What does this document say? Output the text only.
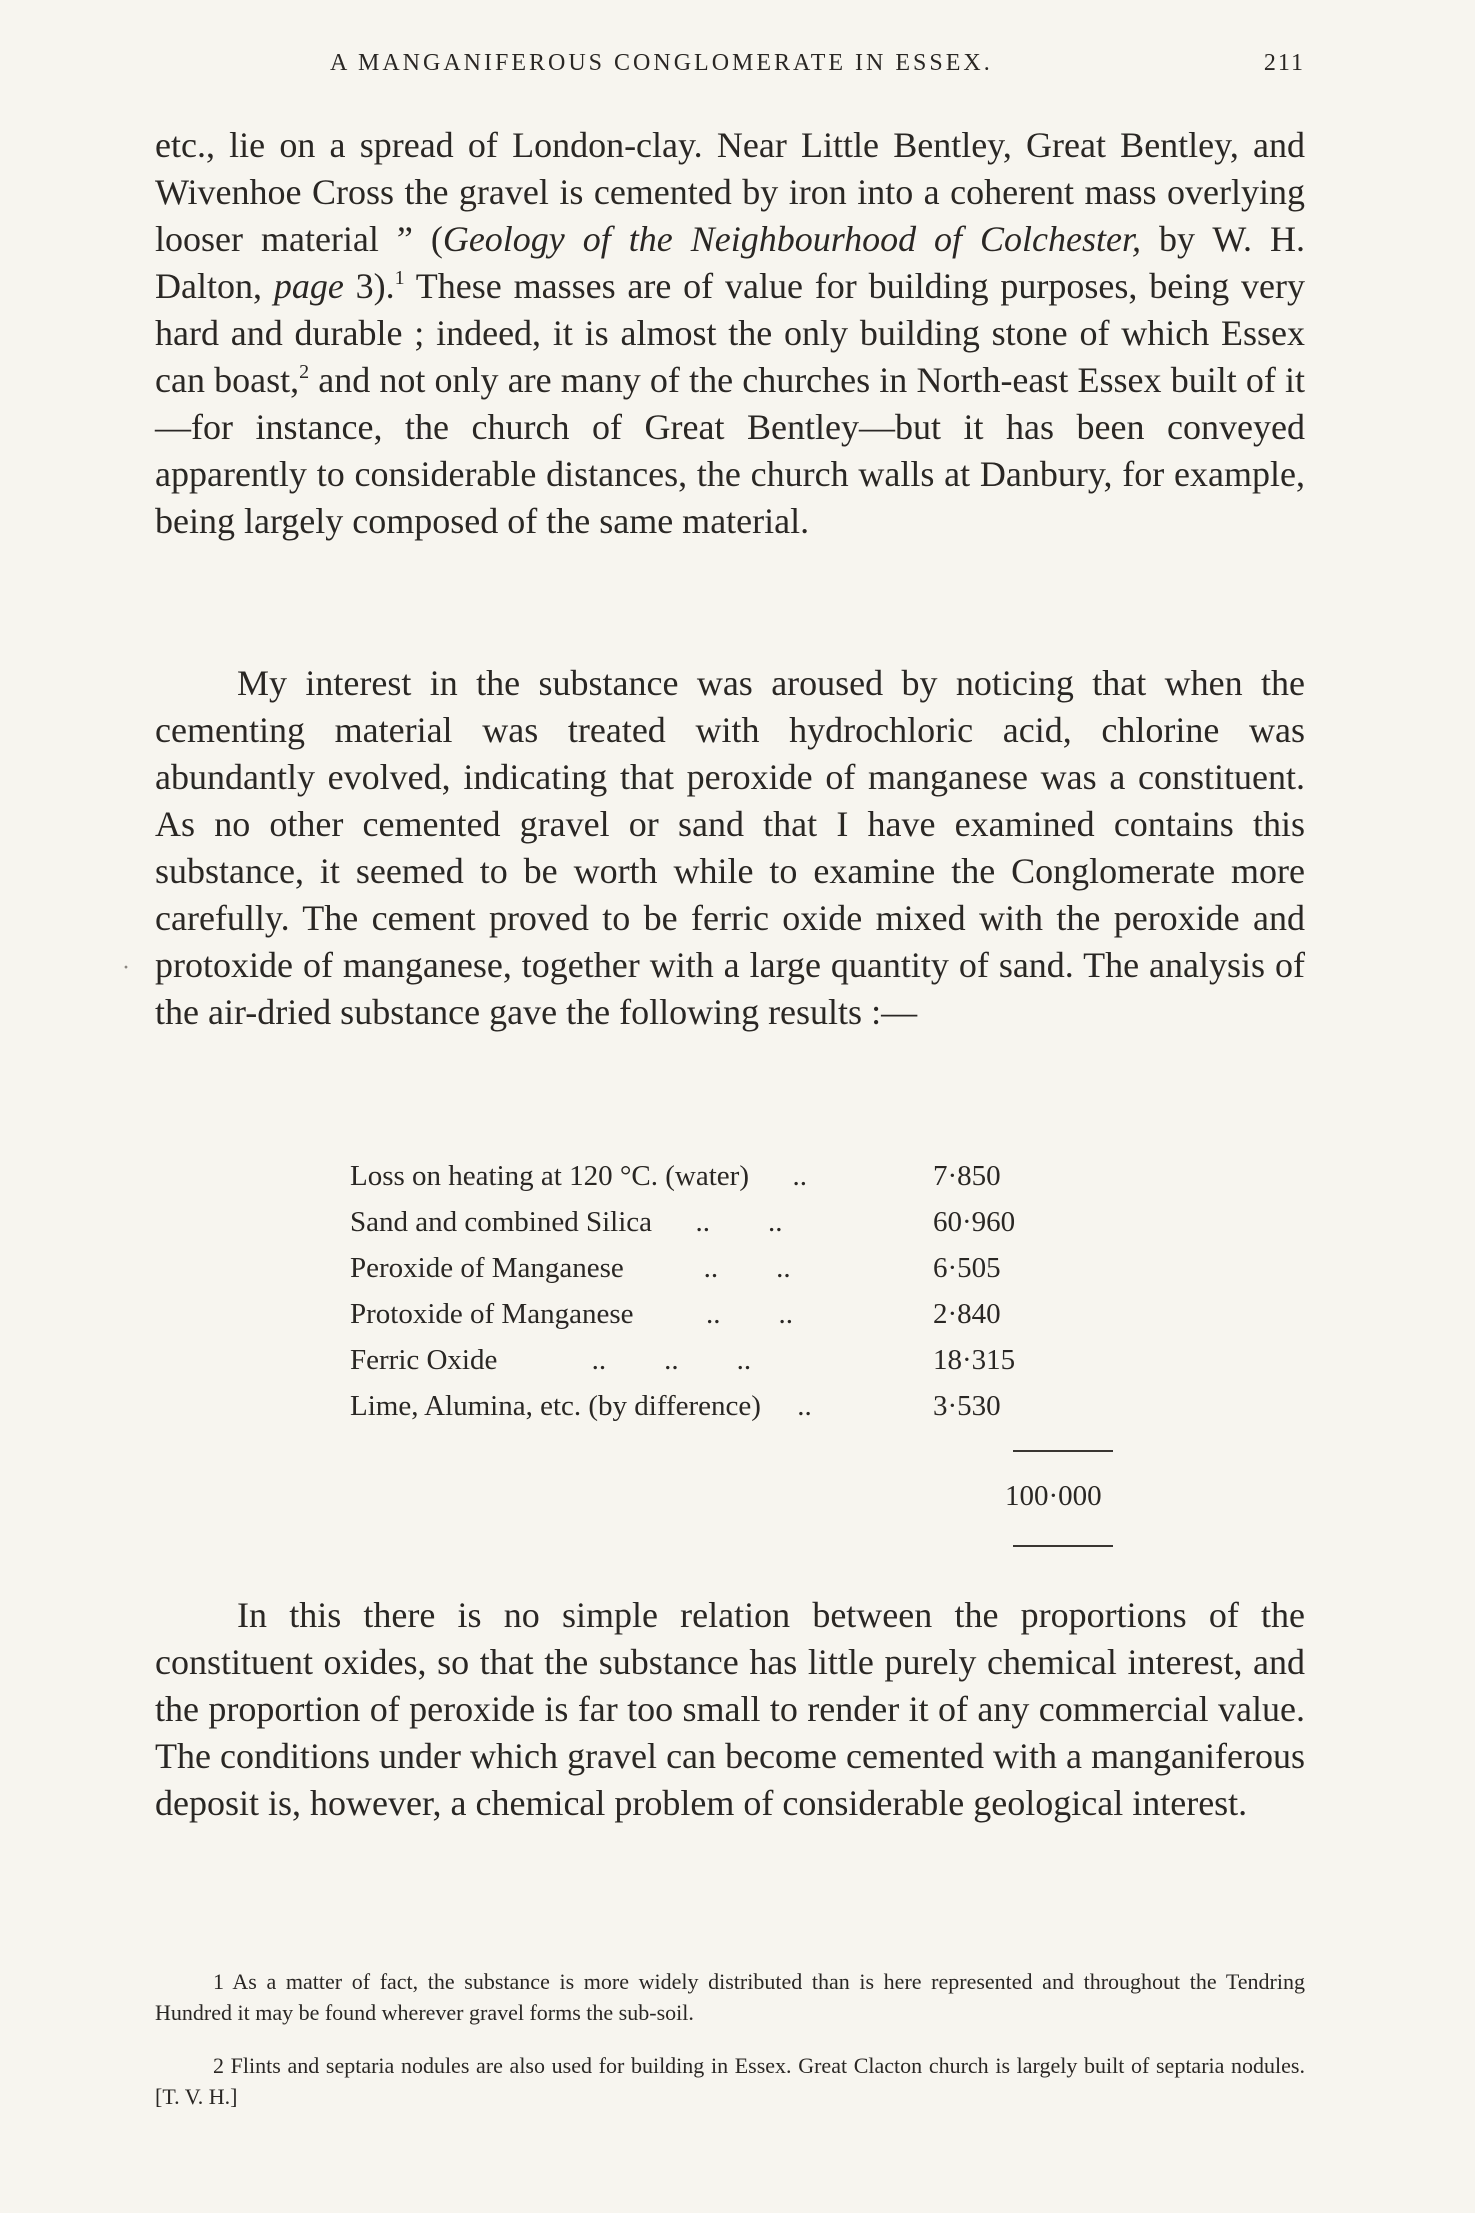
A MANGANIFEROUS CONGLOMERATE IN ESSEX.	211

etc., lie on a spread of London-clay. Near Little Bentley, Great Bentley, and Wivenhoe Cross the gravel is cemented by iron into a coherent mass overlying looser material ” (Geology of the Neighbourhood of Colchester, by W. H. Dalton, page 3).$^1$ These masses are of value for building purposes, being very hard and durable ; indeed, it is almost the only building stone of which Essex can boast,$^2$ and not only are many of the churches in North-east Essex built of it—for instance, the church of Great Bentley—but it has been conveyed apparently to considerable distances, the church walls at Danbury, for example, being largely composed of the same material.

My interest in the substance was aroused by noticing that when the cementing material was treated with hydrochloric acid, chlorine was abundantly evolved, indicating that peroxide of manganese was a constituent. As no other cemented gravel or sand that I have examined contains this substance, it seemed to be worth while to examine the Conglomerate more carefully. The cement proved to be ferric oxide mixed with the peroxide and protoxide of manganese, together with a large quantity of sand. The analysis of the air-dried substance gave the following results :—

Loss on heating at 120 °C. (water) ..	7·850
Sand and combined Silica ..        ..	60·960
Peroxide of Manganese ..        ..	6·505
Protoxide of Manganese ..        ..	2·840
Ferric Oxide ..        ..        ..	18·315
Lime, Alumina, etc. (by difference) ..	3·530
100·000

In this there is no simple relation between the proportions of the constituent oxides, so that the substance has little purely chemical interest, and the proportion of peroxide is far too small to render it of any commercial value. The conditions under which gravel can become cemented with a manganiferous deposit is, however, a chemical problem of considerable geological interest.

1 As a matter of fact, the substance is more widely distributed than is here represented and throughout the Tendring Hundred it may be found wherever gravel forms the sub-soil.

2 Flints and septaria nodules are also used for building in Essex. Great Clacton church is largely built of septaria nodules. [T. V. H.]

·
